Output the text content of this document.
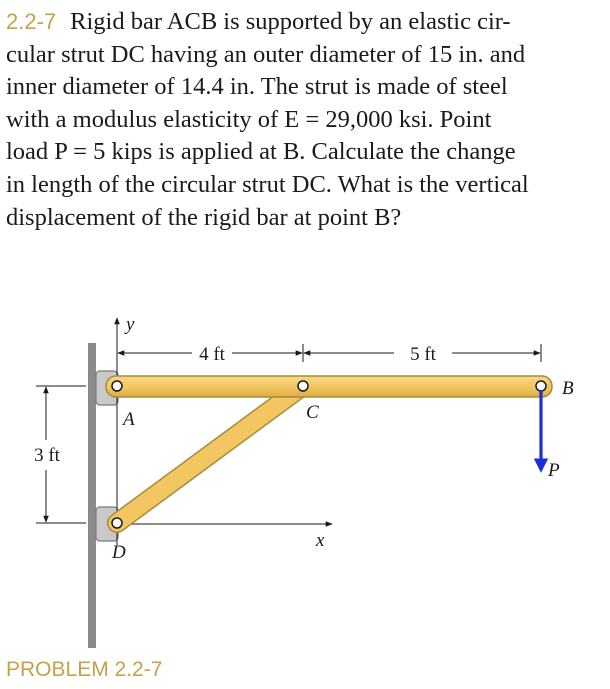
2.2-7 Rigid bar ACB is supported by an elastic cir-
cular strut DC having an outer diameter of 15 in. and
inner diameter of 14.4 in. The strut is made of steel
with a modulus elasticity of E = 29,000 ksi. Point
load P = 5 kips is applied at B. Calculate the change
in length of the circular strut DC. What is the vertical
displacement of the rigid bar at point B?
4 ft	5 ft
3 ft
y
A	C
B
P
x
D
PROBLEM 2.2-7
